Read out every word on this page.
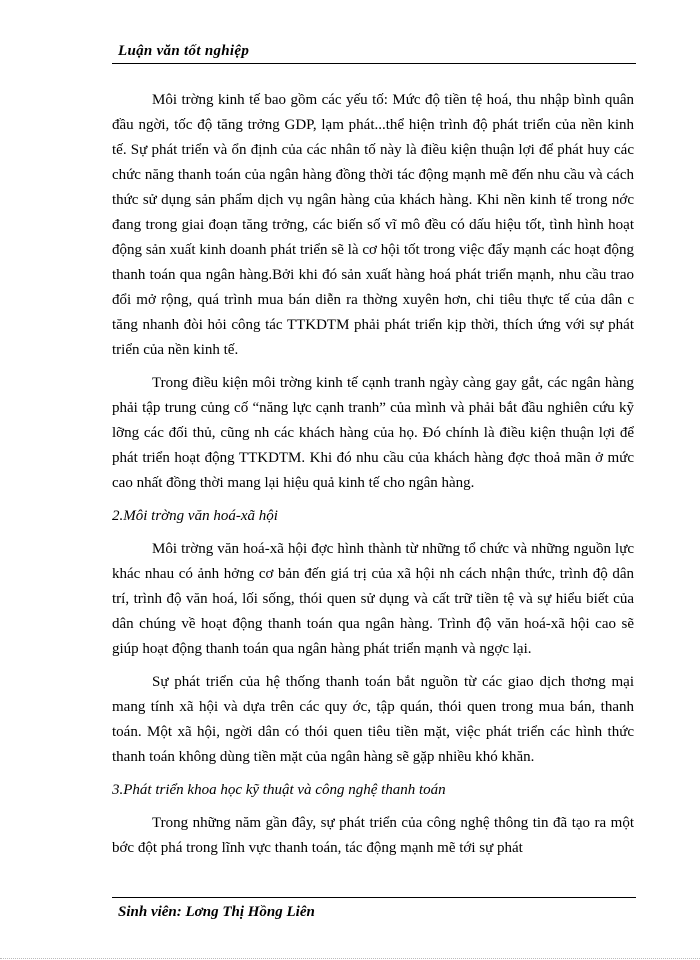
Luận văn tốt nghiệp

Môi trờng kinh tế bao gồm các yếu tố: Mức độ tiền tệ hoá, thu nhập bình quân đầu ngời, tốc độ tăng trởng GDP, lạm phát...thể hiện trình độ phát triển của nền kinh tế. Sự phát triển và ổn định của các nhân tố này là điều kiện thuận lợi để phát huy các chức năng thanh toán của ngân hàng đồng thời tác động mạnh mẽ đến nhu cầu và cách thức sử dụng sản phẩm dịch vụ ngân hàng của khách hàng. Khi nền kinh tế trong nớc đang trong giai đoạn tăng trởng, các biến số vĩ mô đều có dấu hiệu tốt, tình hình hoạt động sản xuất kinh doanh phát triển sẽ là cơ hội tốt trong việc đẩy mạnh các hoạt động thanh toán qua ngân hàng.Bởi khi đó sản xuất hàng hoá phát triển mạnh, nhu cầu trao đổi mở rộng, quá trình mua bán diễn ra thờng xuyên hơn, chi tiêu thực tế của dân c tăng nhanh đòi hỏi công tác TTKDTM phải phát triển kịp thời, thích ứng với sự phát triển của nền kinh tế.

Trong điều kiện môi trờng kinh tế cạnh tranh ngày càng gay gắt, các ngân hàng phải tập trung củng cố “năng lực cạnh tranh” của mình và phải bắt đầu nghiên cứu kỹ lỡng các đối thủ, cũng nh các khách hàng của họ. Đó chính là điều kiện thuận lợi để phát triển hoạt động TTKDTM. Khi đó nhu cầu của khách hàng đợc thoả mãn ở mức cao nhất đồng thời mang lại hiệu quả kinh tế cho ngân hàng.

2.Môi trờng văn hoá-xã hội

Môi trờng văn hoá-xã hội đợc hình thành từ những tổ chức và những nguồn lực khác nhau có ảnh hởng cơ bản đến giá trị của xã hội nh cách nhận thức, trình độ dân trí, trình độ văn hoá, lối sống, thói quen sử dụng và cất trữ tiền tệ và sự hiểu biết của dân chúng về hoạt động thanh toán qua ngân hàng. Trình độ văn hoá-xã hội cao sẽ giúp hoạt động thanh toán qua ngân hàng phát triển mạnh và ngợc lại.

Sự phát triển của hệ thống thanh toán bắt nguồn từ các giao dịch thơng mại mang tính xã hội và dựa trên các quy ớc, tập quán, thói quen trong mua bán, thanh toán. Một xã hội, ngời dân có thói quen tiêu tiền mặt, việc phát triển các hình thức thanh toán không dùng tiền mặt của ngân hàng sẽ gặp nhiều khó khăn.

3.Phát triển khoa học kỹ thuật và công nghệ thanh toán

Trong những năm gần đây, sự phát triển của công nghệ thông tin đã tạo ra một bớc đột phá trong lĩnh vực thanh toán, tác động mạnh mẽ tới sự phát

Sinh viên: Lơng Thị Hồng Liên
